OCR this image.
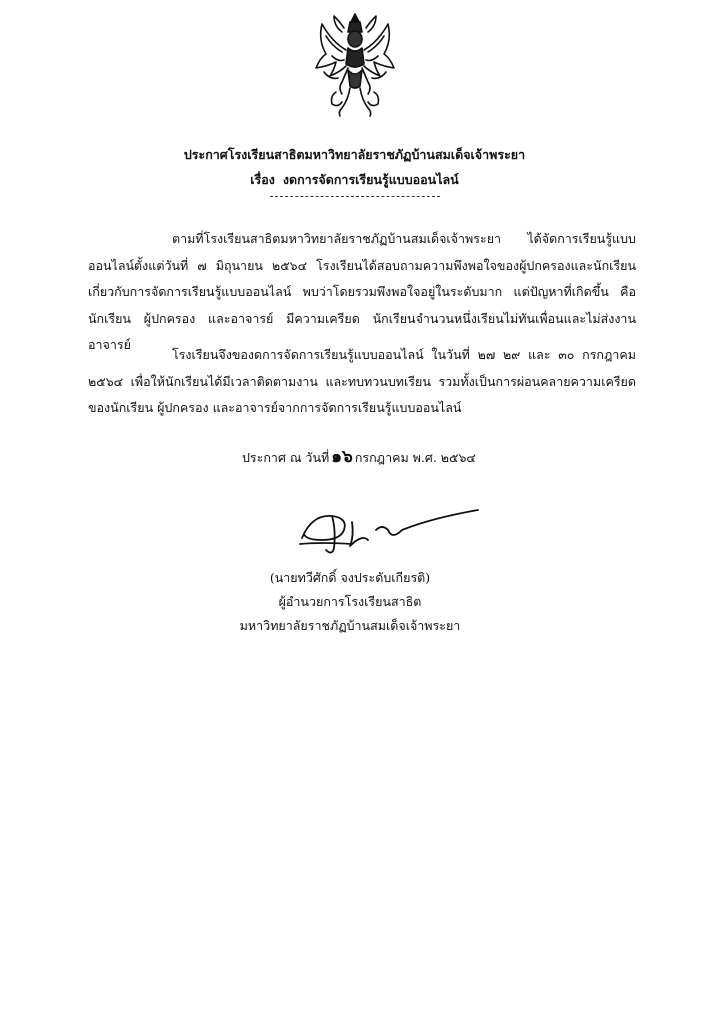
ประกาศโรงเรียนสาธิตมหาวิทยาลัยราชภัฏบ้านสมเด็จเจ้าพระยา
เรื่อง งดการจัดการเรียนรู้แบบออนไลน์
ตามที่โรงเรียนสาธิตมหาวิทยาลัยราชภัฏบ้านสมเด็จเจ้าพระยา ได้จัดการเรียนรู้แบบออนไลน์ตั้งแต่วันที่ ๗ มิถุนายน ๒๕๖๔ โรงเรียนได้สอบถามความพึงพอใจของผู้ปกครองและนักเรียนเกี่ยวกับการจัดการเรียนรู้แบบออนไลน์ พบว่าโดยรวมพึงพอใจอยู่ในระดับมาก แต่ปัญหาที่เกิดขึ้น คือ นักเรียน ผู้ปกครอง และอาจารย์ มีความเครียด นักเรียนจำนวนหนึ่งเรียนไม่ทันเพื่อนและไม่ส่งงานอาจารย์
โรงเรียนจึงของดการจัดการเรียนรู้แบบออนไลน์ ในวันที่ ๒๗ ๒๙ และ ๓๐ กรกฎาคม ๒๕๖๔ เพื่อให้นักเรียนได้มีเวลาติดตามงาน และทบทวนบทเรียน รวมทั้งเป็นการผ่อนคลายความเครียดของนักเรียน ผู้ปกครอง และอาจารย์จากการจัดการเรียนรู้แบบออนไลน์
ประกาศ ณ วันที่ ๑๖ กรกฎาคม พ.ศ. ๒๕๖๔
(นายทวีศักดิ์ จงประดับเกียรติ)
ผู้อำนวยการโรงเรียนสาธิต
มหาวิทยาลัยราชภัฏบ้านสมเด็จเจ้าพระยา
